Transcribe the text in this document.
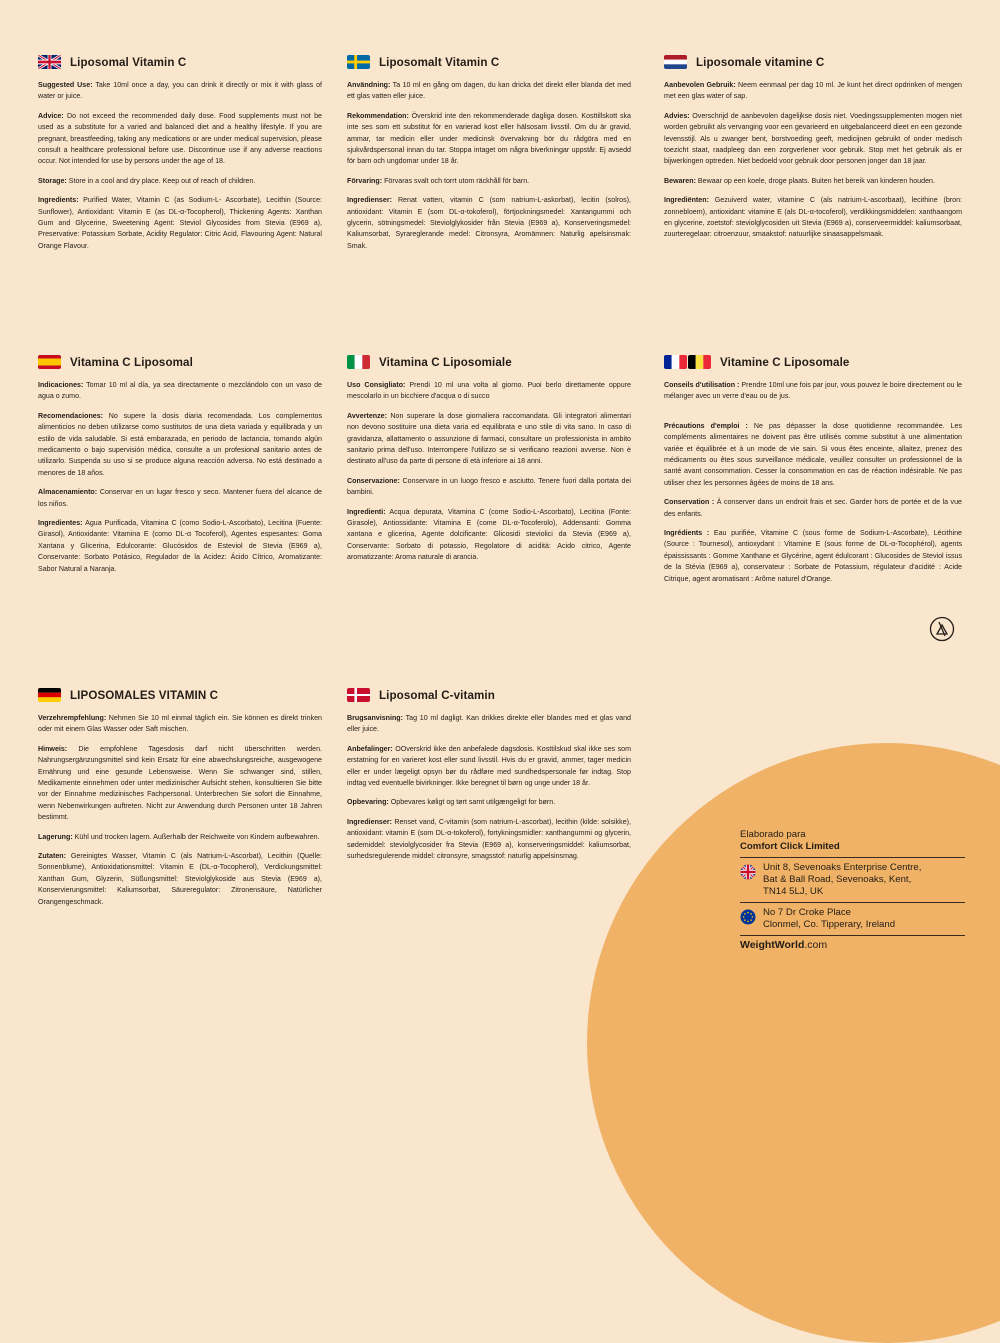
Liposomal Vitamin C

Suggested Use: Take 10ml once a day, you can drink it directly or mix it with glass of water or juice.

Advice: Do not exceed the recommended daily dose. Food supplements must not be used as a substitute for a varied and balanced diet and a healthy lifestyle. If you are pregnant, breastfeeding, taking any medications or are under medical supervision, please consult a healthcare professional before use. Discontinue use if any adverse reactions occur. Not intended for use by persons under the age of 18.

Storage: Store in a cool and dry place. Keep out of reach of children.

Ingredients: Purified Water, Vitamin C (as Sodium-L- Ascorbate), Lecithin (Source: Sunflower), Antioxidant: Vitamin E (as DL-α-Tocopherol), Thickening Agents: Xanthan Gum and Glycerine, Sweetening Agent: Steviol Glycosides from Stevia (E969 a), Preservative: Potassium Sorbate, Acidity Regulator: Citric Acid, Flavouring Agent: Natural Orange Flavour.

Vitamina C Liposomal

Indicaciones: Tomar 10 ml al día, ya sea directamente o mezclándolo con un vaso de agua o zumo.

Recomendaciones: No supere la dosis diaria recomendada. Los complementos alimenticios no deben utilizarse como sustitutos de una dieta variada y equilibrada y un estilo de vida saludable. Si está embarazada, en periodo de lactancia, tomando algún medicamento o bajo supervisión médica, consulte a un profesional sanitario antes de utilizarlo. Suspenda su uso si se produce alguna reacción adversa. No está destinado a menores de 18 años.

Almacenamiento: Conservar en un lugar fresco y seco. Mantener fuera del alcance de los niños.

Ingredientes: Agua Purificada, Vitamina C (como Sodio-L-Ascorbato), Lecitina (Fuente: Girasol), Antioxidante: Vitamina E (como DL-α Tocoferol), Agentes espesantes: Goma Xantana y Glicerina, Edulcorante: Glucósidos de Esteviol de Stevia (E969 a), Conservante: Sorbato Potásico, Regulador de la Acidez: Ácido Cítrico, Aromatizante: Sabor Natural a Naranja.

LIPOSOMALES VITAMIN C

Verzehrempfehlung: Nehmen Sie 10 ml einmal täglich ein. Sie können es direkt trinken oder mit einem Glas Wasser oder Saft mischen.

Hinweis: Die empfohlene Tagesdosis darf nicht überschritten werden. Nahrungsergänzungsmittel sind kein Ersatz für eine abwechslungsreiche, ausgewogene Ernährung und eine gesunde Lebensweise. Wenn Sie schwanger sind, stillen, Medikamente einnehmen oder unter medizinischer Aufsicht stehen, konsultieren Sie bitte vor der Einnahme medizinisches Fachpersonal. Unterbrechen Sie sofort die Einnahme, wenn Nebenwirkungen auftreten. Nicht zur Anwendung durch Personen unter 18 Jahren bestimmt.

Lagerung: Kühl und trocken lagern. Außerhalb der Reichweite von Kindern aufbewahren.

Zutaten: Gereinigtes Wasser, Vitamin C (als Natrium-L-Ascorbat), Lecithin (Quelle: Sonnenblume), Antioxidationsmittel: Vitamin E (DL-α-Tocopherol), Verdickungsmittel: Xanthan Gum, Glyzerin, Süßungsmittel: Steviolglykoside aus Stevia (E969 a), Konservierungsmittel: Kaliumsorbat, Säureregulator: Zitronensäure, Natürlicher Orangengeschmack.

Liposomalt Vitamin C

Användning: Ta 10 ml en gång om dagen, du kan dricka det direkt eller blanda det med ett glas vatten eller juice.

Rekommendation: Överskrid inte den rekommenderade dagliga dosen. Kosttillskott ska inte ses som ett substitut för en varierad kost eller hälsosam livsstil. Om du är gravid, ammar, tar medicin eller under medicinsk övervakning bör du rådgöra med en sjukvårdspersonal innan du tar. Stoppa intaget om några biverkningar uppstår. Ej avsedd för barn och ungdomar under 18 år.

Förvaring: Förvaras svalt och torrt utom räckhåll för barn.

Ingredienser: Renat vatten, vitamin C (som natrium-L-askorbat), lecitin (solros), antioxidant: Vitamin E (som DL-α-tokoferol), förtjockningsmedel: Xantangummi och glycerin, sötningsmedel: Steviolglykosider från Stevia (E969 a), Konserveringsmedel: Kaliumsorbat, Syrareglerande medel: Citronsyra, Aromämnen: Naturlig apelsinsmak: Smak.

Vitamina C Liposomiale

Uso Consigliato: Prendi 10 ml una volta al giorno. Puoi berlo direttamente oppure mescolarlo in un bicchiere d'acqua o di succo

Avvertenze: Non superare la dose giornaliera raccomandata. Gli integratori alimentari non devono sostituire una dieta varia ed equilibrata e uno stile di vita sano. In caso di gravidanza, allattamento o assunzione di farmaci, consultare un professionista in ambito sanitario prima dell'uso. Interrompere l'utilizzo se si verificano reazioni avverse. Non è destinato all'uso da parte di persone di età inferiore ai 18 anni.

Conservazione: Conservare in un luogo fresco e asciutto. Tenere fuori dalla portata dei bambini.

Ingredienti: Acqua depurata, Vitamina C (come Sodio-L-Ascorbato), Lecitina (Fonte: Girasole), Antiossidante: Vitamina E (come DL-α-Tocoferolo), Addensanti: Gomma xantana e glicerina, Agente dolcificante: Glicosidi steviolici da Stevia (E969 a), Conservante: Sorbato di potassio, Regolatore di acidità: Acido citrico, Agente aromatizzante: Aroma naturale di arancia.

Liposomal C-vitamin

Brugsanvisning: Tag 10 ml dagligt. Kan drikkes direkte eller blandes med et glas vand eller juice.

Anbefalinger: OOverskrid ikke den anbefalede dagsdosis. Kosttilskud skal ikke ses som erstatning for en varieret kost eller sund livsstil. Hvis du er gravid, ammer, tager medicin eller er under lægeligt opsyn bør du rådføre med sundhedspersonale før indtag. Stop indtag ved eventuelle bivirkninger. Ikke beregnet til børn og unge under 18 år.

Opbevaring: Opbevares køligt og tørt samt utilgængeligt for børn.

Ingredienser: Renset vand, C-vitamin (som natrium-L-ascorbat), lecithin (kilde: solsikke), antioxidant: vitamin E (som DL-α-tokoferol), fortykningsmidler: xanthangummi og glycerin, sødemiddel: steviolglycosider fra Stevia (E969 a), konserveringsmiddel: kaliumsorbat, surhedsregulerende middel: citronsyre, smagsstof: naturlig appelsinsmag.

Liposomale vitamine C

Aanbevolen Gebruik: Neem eenmaal per dag 10 ml. Je kunt het direct opdrinken of mengen met een glas water of sap.

Advies: Overschrijd de aanbevolen dagelijkse dosis niet. Voedingssupplementen mogen niet worden gebruikt als vervanging voor een gevarieerd en uitgebalanceerd dieet en een gezonde levensstijl. Als u zwanger bent, borstvoeding geeft, medicijnen gebruikt of onder medisch toezicht staat, raadpleeg dan een zorgverlener voor gebruik. Stop met het gebruik als er bijwerkingen optreden. Niet bedoeld voor gebruik door personen jonger dan 18 jaar.

Bewaren: Bewaar op een koele, droge plaats. Buiten het bereik van kinderen houden.

Ingrediënten: Gezuiverd water, vitamine C (als natrium-L-ascorbaat), lecithine (bron: zonnebloem), antioxidant: vitamine E (als DL-α-tocoferol), verdikkingsmiddelen: xanthaangom en glycerine, zoetstof: steviolglycosiden uit Stevia (E969 a), conserveermiddel: kaliumsorbaat, zuurteregelaar: citroenzuur, smaakstof: natuurlijke sinaasappelsmaak.

Vitamine C Liposomale

Conseils d'utilisation : Prendre 10ml une fois par jour, vous pouvez le boire directement ou le mélanger avec un verre d'eau ou de jus.

Précautions d'emploi : Ne pas dépasser la dose quotidienne recommandée. Les compléments alimentaires ne doivent pas être utilisés comme substitut à une alimentation variée et équilibrée et à un mode de vie sain. Si vous êtes enceinte, allaitez, prenez des médicaments ou êtes sous surveillance médicale, veuillez consulter un professionnel de la santé avant consommation. Cesser la consommation en cas de réaction indésirable. Ne pas utiliser chez les personnes âgées de moins de 18 ans.

Conservation : À conserver dans un endroit frais et sec. Garder hors de portée et de la vue des enfants.

Ingrédients : Eau purifiée, Vitamine C (sous forme de Sodium-L-Ascorbate), Lécithine (Source : Tournesol), antioxydant : Vitamine E (sous forme de DL-α-Tocophérol), agents épaississants : Gomme Xanthane et Glycérine, agent édulcorant : Glucosides de Steviol issus de la Stévia (E969 a), conservateur : Sorbate de Potassium, régulateur d'acidité : Acide Citrique, agent aromatisant : Arôme naturel d'Orange.

Elaborado para
Comfort Click Limited
Unit 8, Sevenoaks Enterprise Centre,
Bat & Ball Road, Sevenoaks, Kent,
TN14 5LJ, UK
No 7 Dr Croke Place
Clonmel, Co. Tipperary, Ireland
WeightWorld.com
